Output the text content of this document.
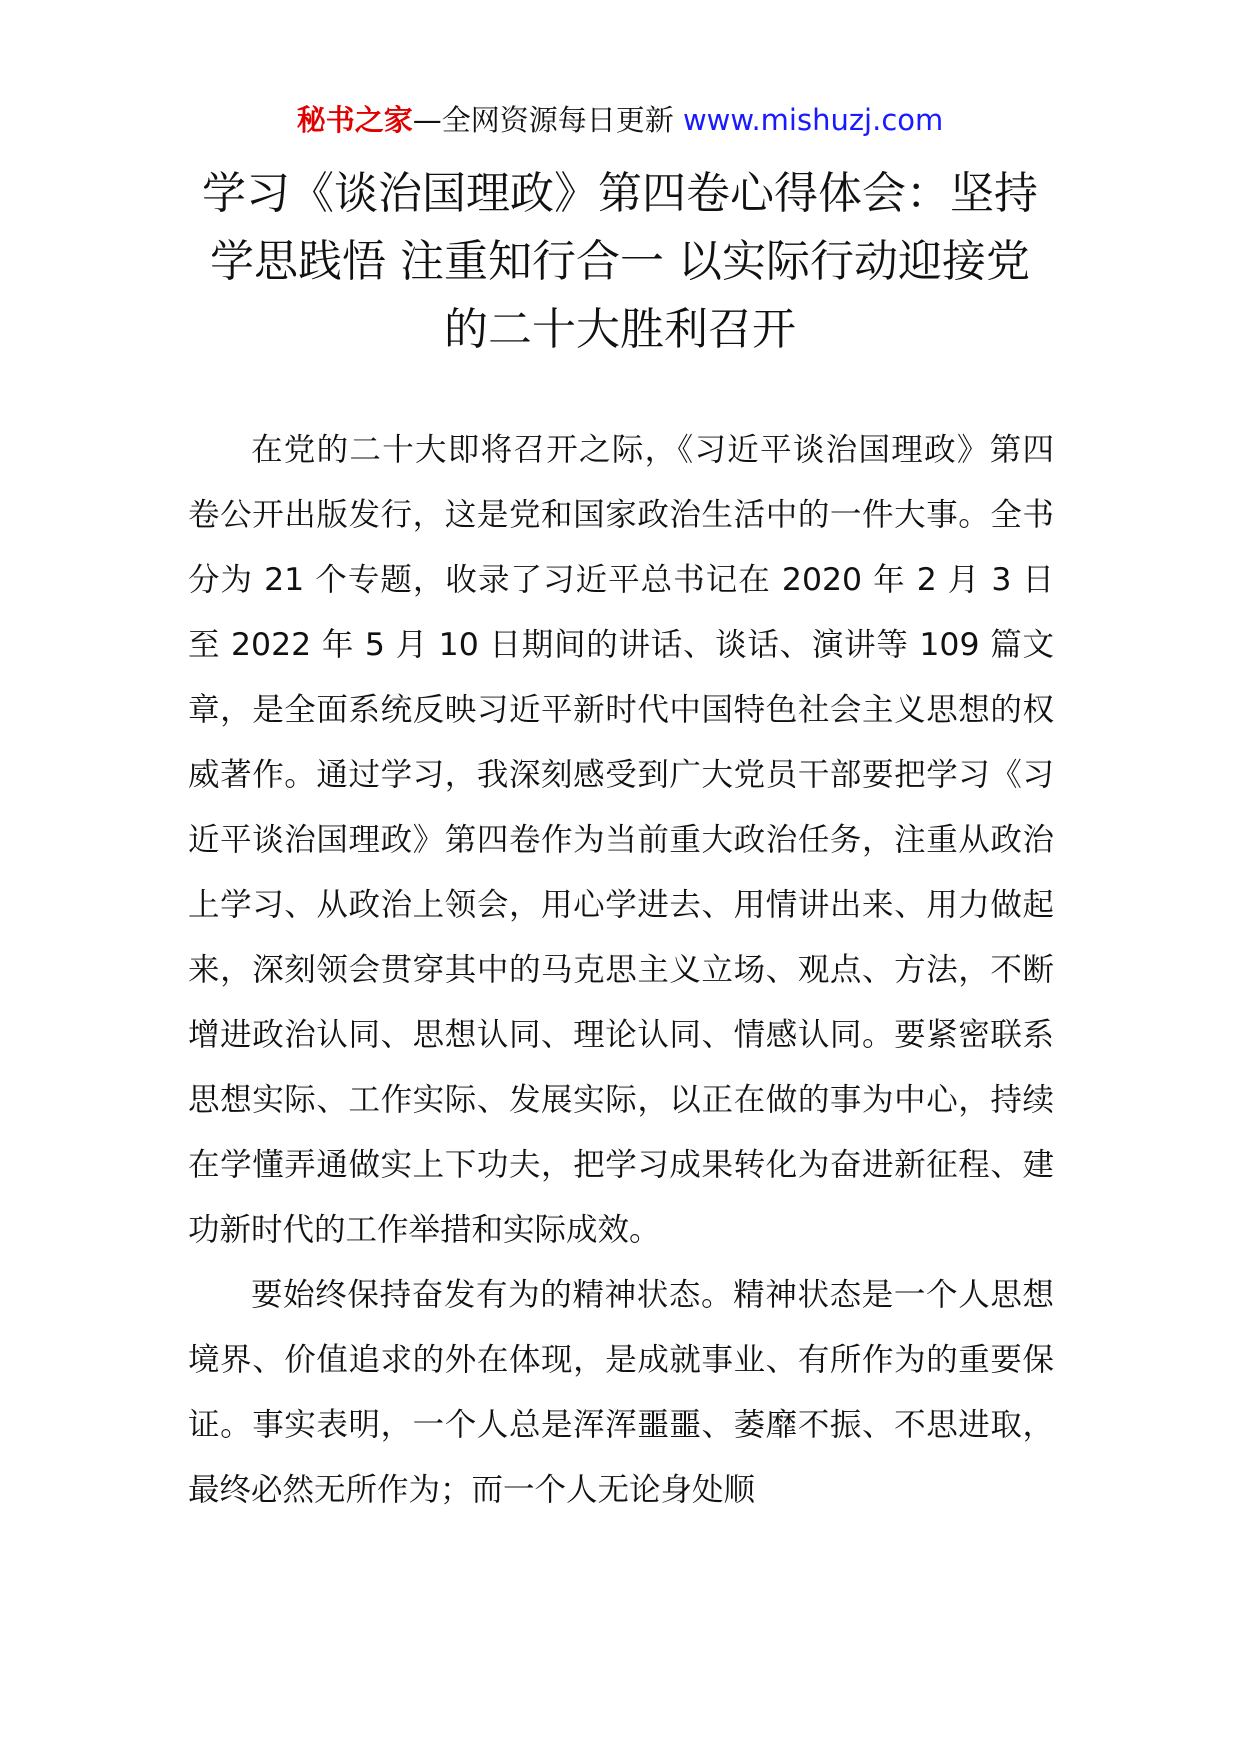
秘书之家—全网资源每日更新 www.mishuzj.com
学习《谈治国理政》第四卷心得体会：坚持学思践悟 注重知行合一 以实际行动迎接党的二十大胜利召开

在党的二十大即将召开之际，《习近平谈治国理政》第四卷公开出版发行，这是党和国家政治生活中的一件大事。全书分为 21 个专题，收录了习近平总书记在 2020 年 2 月 3 日至 2022 年 5 月 10 日期间的讲话、谈话、演讲等 109 篇文章，是全面系统反映习近平新时代中国特色社会主义思想的权威著作。通过学习，我深刻感受到广大党员干部要把学习《习近平谈治国理政》第四卷作为当前重大政治任务，注重从政治上学习、从政治上领会，用心学进去、用情讲出来、用力做起来，深刻领会贯穿其中的马克思主义立场、观点、方法，不断增进政治认同、思想认同、理论认同、情感认同。要紧密联系思想实际、工作实际、发展实际，以正在做的事为中心，持续在学懂弄通做实上下功夫，把学习成果转化为奋进新征程、建功新时代的工作举措和实际成效。

要始终保持奋发有为的精神状态。精神状态是一个人思想境界、价值追求的外在体现，是成就事业、有所作为的重要保证。事实表明，一个人总是浑浑噩噩、萎靡不振、不思进取，最终必然无所作为；而一个人无论身处顺
